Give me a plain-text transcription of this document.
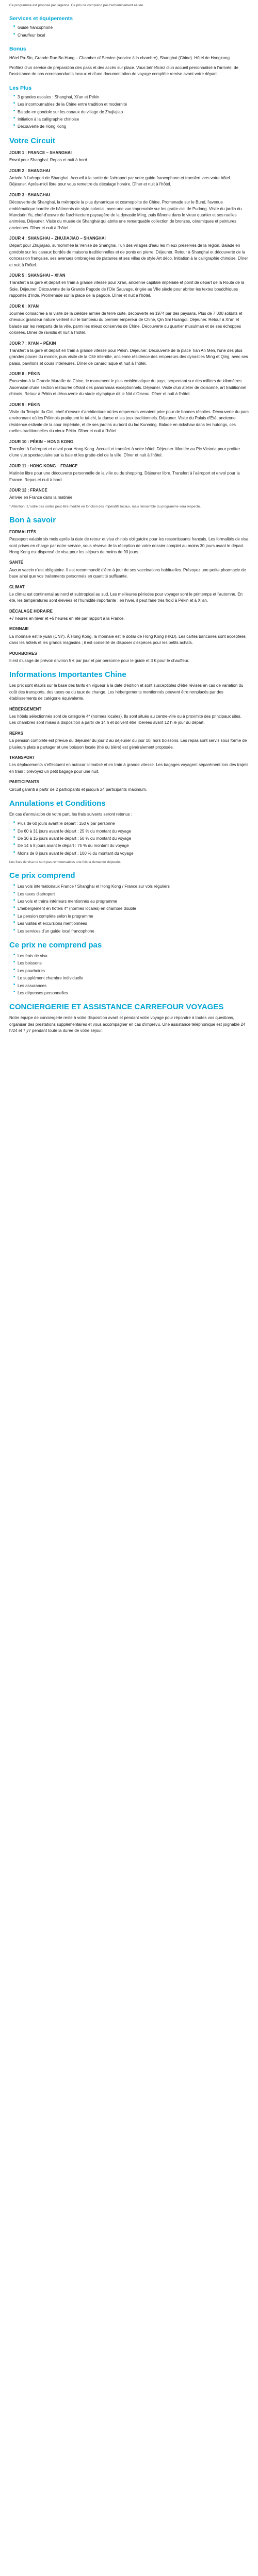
Ce programme est proposé par l'agence. Ce prix ne comprend pas l'acheminement aérien.

Services et équipements
■ Guide francophone
■ Chauffeur local
Bonus

Hôtel Pa-Sin, Grande Rue Bo Hung – Chamber of Service (service à la chambre), Shanghai (Chine). Hôtel de Hongkong.

Profitez d'un service de préparation des pass et des accès sur place. Vous bénéficiez d'un accueil personnalisé à l'arrivée, de l'assistance de nos correspondants locaux et d'une documentation de voyage complète remise avant votre départ.

Les Plus
■ 3 grandes escales : Shanghai, Xi'an et Pékin
■ Les incontournables de la Chine entre tradition et modernité
■ Balade en gondole sur les canaux du village de Zhujiajiao
■ Initiation à la calligraphie chinoise
■ Découverte de Hong Kong
Votre Circuit
JOUR 1 : FRANCE – SHANGHAI

Envol pour Shanghai. Repas et nuit à bord.

JOUR 2 : SHANGHAI

Arrivée à l'aéroport de Shanghai. Accueil à la sortie de l'aéroport par votre guide francophone et transfert vers votre hôtel. Déjeuner. Après-midi libre pour vous remettre du décalage horaire. Dîner et nuit à l'hôtel.

JOUR 3 : SHANGHAI

Découverte de Shanghai, la métropole la plus dynamique et cosmopolite de Chine. Promenade sur le Bund, l'avenue emblématique bordée de bâtiments de style colonial, avec une vue imprenable sur les gratte-ciel de Pudong. Visite du jardin du Mandarin Yu, chef-d'œuvre de l'architecture paysagère de la dynastie Ming, puis flânerie dans le vieux quartier et ses ruelles animées. Déjeuner. Visite du musée de Shanghai qui abrite une remarquable collection de bronzes, céramiques et peintures anciennes. Dîner et nuit à l'hôtel.

JOUR 4 : SHANGHAI – ZHUJIAJIAO – SHANGHAI

Départ pour Zhujiajiao, surnommée la Venise de Shanghai, l'un des villages d'eau les mieux préservés de la région. Balade en gondole sur les canaux bordés de maisons traditionnelles et de ponts en pierre. Déjeuner. Retour à Shanghai et découverte de la concession française, ses avenues ombragées de platanes et ses villas de style Art déco. Initiation à la calligraphie chinoise. Dîner et nuit à l'hôtel.

JOUR 5 : SHANGHAI – XI'AN

Transfert à la gare et départ en train à grande vitesse pour Xi'an, ancienne capitale impériale et point de départ de la Route de la Soie. Déjeuner. Découverte de la Grande Pagode de l'Oie Sauvage, érigée au VIIe siècle pour abriter les textes bouddhiques rapportés d'Inde. Promenade sur la place de la pagode. Dîner et nuit à l'hôtel.

JOUR 6 : XI'AN

Journée consacrée à la visite de la célèbre armée de terre cuite, découverte en 1974 par des paysans. Plus de 7 000 soldats et chevaux grandeur nature veillent sur le tombeau du premier empereur de Chine, Qin Shi Huangdi. Déjeuner. Retour à Xi'an et balade sur les remparts de la ville, parmi les mieux conservés de Chine. Découverte du quartier musulman et de ses échoppes colorées. Dîner de raviolis et nuit à l'hôtel.

JOUR 7 : XI'AN – PÉKIN

Transfert à la gare et départ en train à grande vitesse pour Pékin. Déjeuner. Découverte de la place Tian An Men, l'une des plus grandes places du monde, puis visite de la Cité interdite, ancienne résidence des empereurs des dynasties Ming et Qing, avec ses palais, pavillons et cours intérieures. Dîner de canard laqué et nuit à l'hôtel.

JOUR 8 : PÉKIN

Excursion à la Grande Muraille de Chine, le monument le plus emblématique du pays, serpentant sur des milliers de kilomètres. Ascension d'une section restaurée offrant des panoramas exceptionnels. Déjeuner. Visite d'un atelier de cloisonné, art traditionnel chinois. Retour à Pékin et découverte du stade olympique dit le Nid d'Oiseau. Dîner et nuit à l'hôtel.

JOUR 9 : PÉKIN

Visite du Temple du Ciel, chef-d'œuvre d'architecture où les empereurs venaient prier pour de bonnes récoltes. Découverte du parc environnant où les Pékinois pratiquent le tai-chi, la danse et les jeux traditionnels. Déjeuner. Visite du Palais d'Été, ancienne résidence estivale de la cour impériale, et de ses jardins au bord du lac Kunming. Balade en rickshaw dans les hutongs, ces ruelles traditionnelles du vieux Pékin. Dîner et nuit à l'hôtel.

JOUR 10 : PÉKIN – HONG KONG

Transfert à l'aéroport et envol pour Hong Kong. Accueil et transfert à votre hôtel. Déjeuner. Montée au Pic Victoria pour profiter d'une vue spectaculaire sur la baie et les gratte-ciel de la ville. Dîner et nuit à l'hôtel.

JOUR 11 : HONG KONG – FRANCE

Matinée libre pour une découverte personnelle de la ville ou du shopping. Déjeuner libre. Transfert à l'aéroport et envol pour la France. Repas et nuit à bord.

JOUR 12 : FRANCE

Arrivée en France dans la matinée.

* Attention ! L'ordre des visites peut être modifié en fonction des impératifs locaux, mais l'ensemble du programme sera respecté.

Bon à savoir
FORMALITÉS

Passeport valable six mois après la date de retour et visa chinois obligatoire pour les ressortissants français. Les formalités de visa sont prises en charge par notre service, sous réserve de la réception de votre dossier complet au moins 30 jours avant le départ. Hong Kong est dispensé de visa pour les séjours de moins de 90 jours.

SANTÉ

Aucun vaccin n'est obligatoire. Il est recommandé d'être à jour de ses vaccinations habituelles. Prévoyez une petite pharmacie de base ainsi que vos traitements personnels en quantité suffisante.

CLIMAT

Le climat est continental au nord et subtropical au sud. Les meilleures périodes pour voyager sont le printemps et l'automne. En été, les températures sont élevées et l'humidité importante ; en hiver, il peut faire très froid à Pékin et à Xi'an.

DÉCALAGE HORAIRE

+7 heures en hiver et +6 heures en été par rapport à la France.

MONNAIE

La monnaie est le yuan (CNY). À Hong Kong, la monnaie est le dollar de Hong Kong (HKD). Les cartes bancaires sont acceptées dans les hôtels et les grands magasins ; il est conseillé de disposer d'espèces pour les petits achats.

POURBOIRES

Il est d'usage de prévoir environ 5 € par jour et par personne pour le guide et 3 € pour le chauffeur.

Informations Importantes Chine

Les prix sont établis sur la base des tarifs en vigueur à la date d'édition et sont susceptibles d'être révisés en cas de variation du coût des transports, des taxes ou du taux de change. Les hébergements mentionnés peuvent être remplacés par des établissements de catégorie équivalente.

HÉBERGEMENT

Les hôtels sélectionnés sont de catégorie 4* (normes locales). Ils sont situés au centre-ville ou à proximité des principaux sites. Les chambres sont mises à disposition à partir de 14 h et doivent être libérées avant 12 h le jour du départ.

REPAS

La pension complète est prévue du déjeuner du jour 2 au déjeuner du jour 10, hors boissons. Les repas sont servis sous forme de plusieurs plats à partager et une boisson locale (thé ou bière) est généralement proposée.

TRANSPORT

Les déplacements s'effectuent en autocar climatisé et en train à grande vitesse. Les bagages voyagent séparément lors des trajets en train ; prévoyez un petit bagage pour une nuit.

PARTICIPANTS

Circuit garanti à partir de 2 participants et jusqu'à 24 participants maximum.

Annulations et Conditions

En cas d'annulation de votre part, les frais suivants seront retenus :

■ Plus de 60 jours avant le départ : 150 € par personne
■ De 60 à 31 jours avant le départ : 25 % du montant du voyage
■ De 30 à 15 jours avant le départ : 50 % du montant du voyage
■ De 14 à 8 jours avant le départ : 75 % du montant du voyage
■ Moins de 8 jours avant le départ : 100 % du montant du voyage

Les frais de visa ne sont pas remboursables une fois la demande déposée.

Ce prix comprend
■ Les vols internationaux France / Shanghai et Hong Kong / France sur vols réguliers
■ Les taxes d'aéroport
■ Les vols et trains intérieurs mentionnés au programme
■ L'hébergement en hôtels 4* (normes locales) en chambre double
■ La pension complète selon le programme
■ Les visites et excursions mentionnées
■ Les services d'un guide local francophone
Ce prix ne comprend pas
■ Les frais de visa
■ Les boissons
■ Les pourboires
■ Le supplément chambre individuelle
■ Les assurances
■ Les dépenses personnelles
CONCIERGERIE ET ASSISTANCE CARREFOUR VOYAGES

Notre équipe de conciergerie reste à votre disposition avant et pendant votre voyage pour répondre à toutes vos questions, organiser des prestations supplémentaires et vous accompagner en cas d'imprévu. Une assistance téléphonique est joignable 24 h/24 et 7 j/7 pendant toute la durée de votre séjour.
